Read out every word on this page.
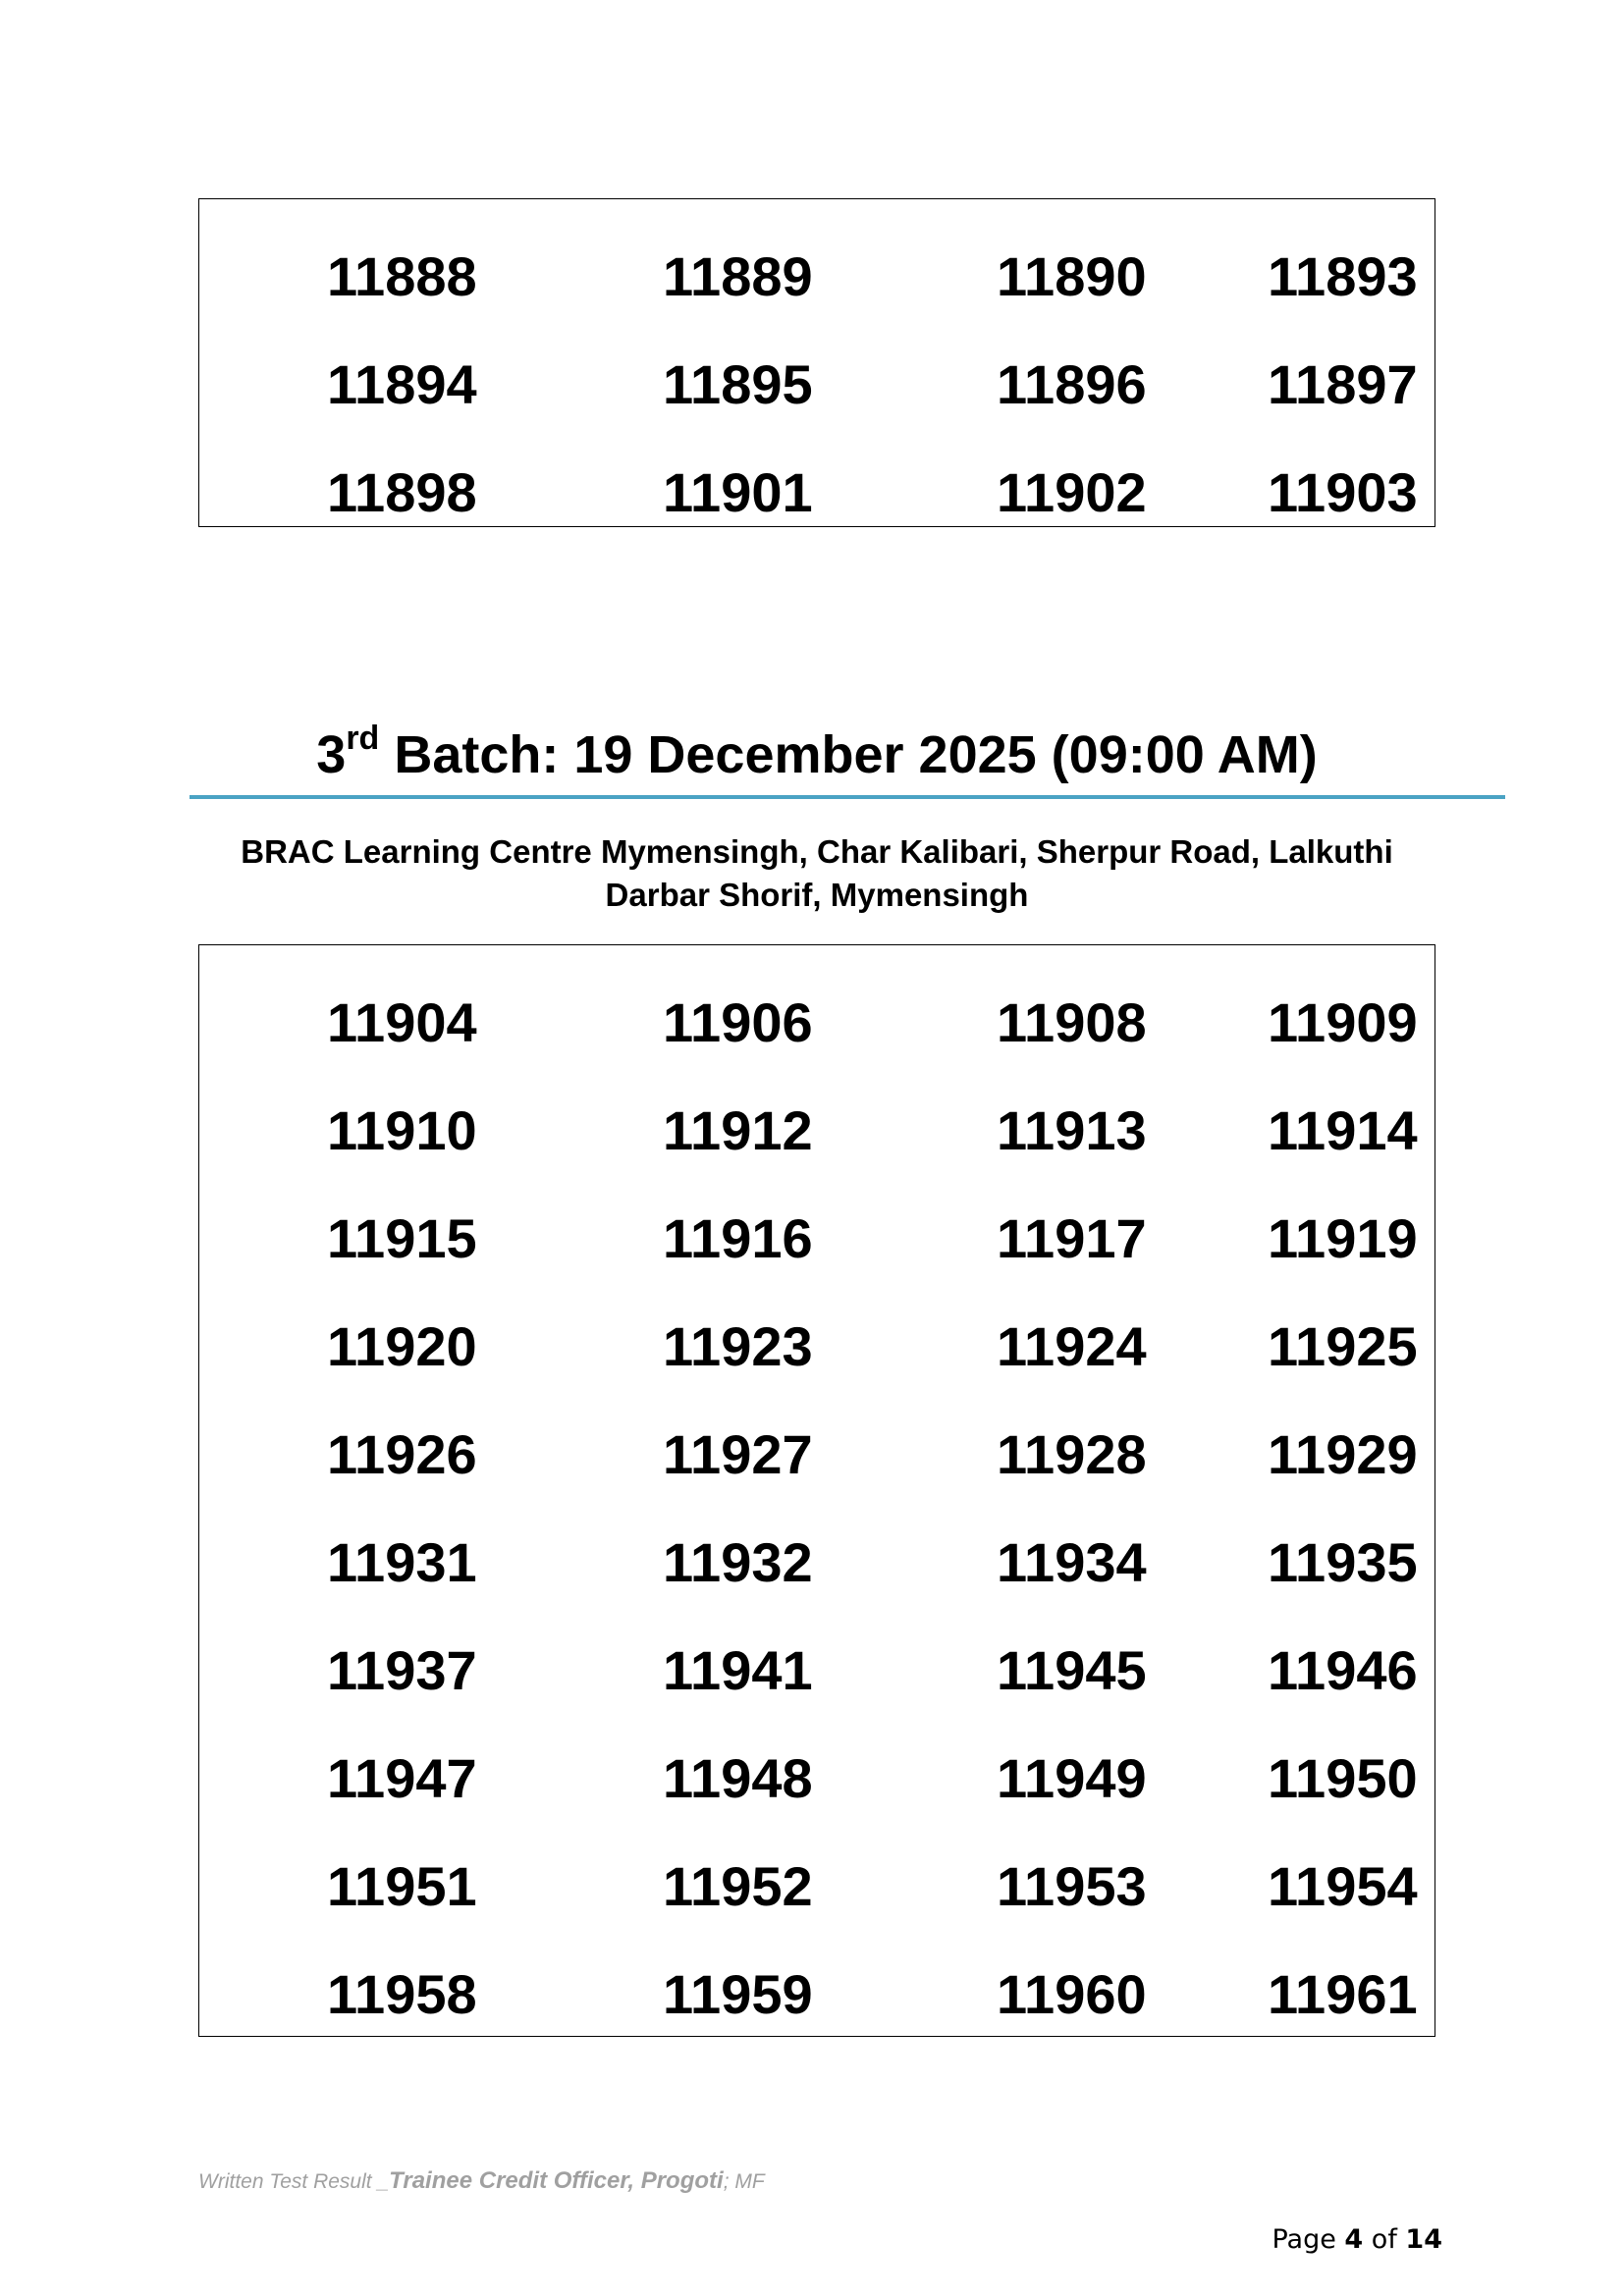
11888	11889	11890 11893
11894	11895	11896 11897
11898	11901	11902 11903
3rd Batch: 19 December 2025 (09:00 AM)
BRAC Learning Centre Mymensingh, Char Kalibari, Sherpur Road, Lalkuthi
Darbar Shorif, Mymensingh
11904	11906	11908 11909
11910	11912	11913 11914
11915	11916	11917 11919
11920	11923	11924 11925
11926	11927	11928 11929
11931	11932	11934 11935
11937	11941	11945 11946
11947	11948	11949 11950
11951	11952	11953 11954
11958	11959	11960 11961
Written Test Result _Trainee Credit Officer, Progoti; MF
Page 4 of 14
